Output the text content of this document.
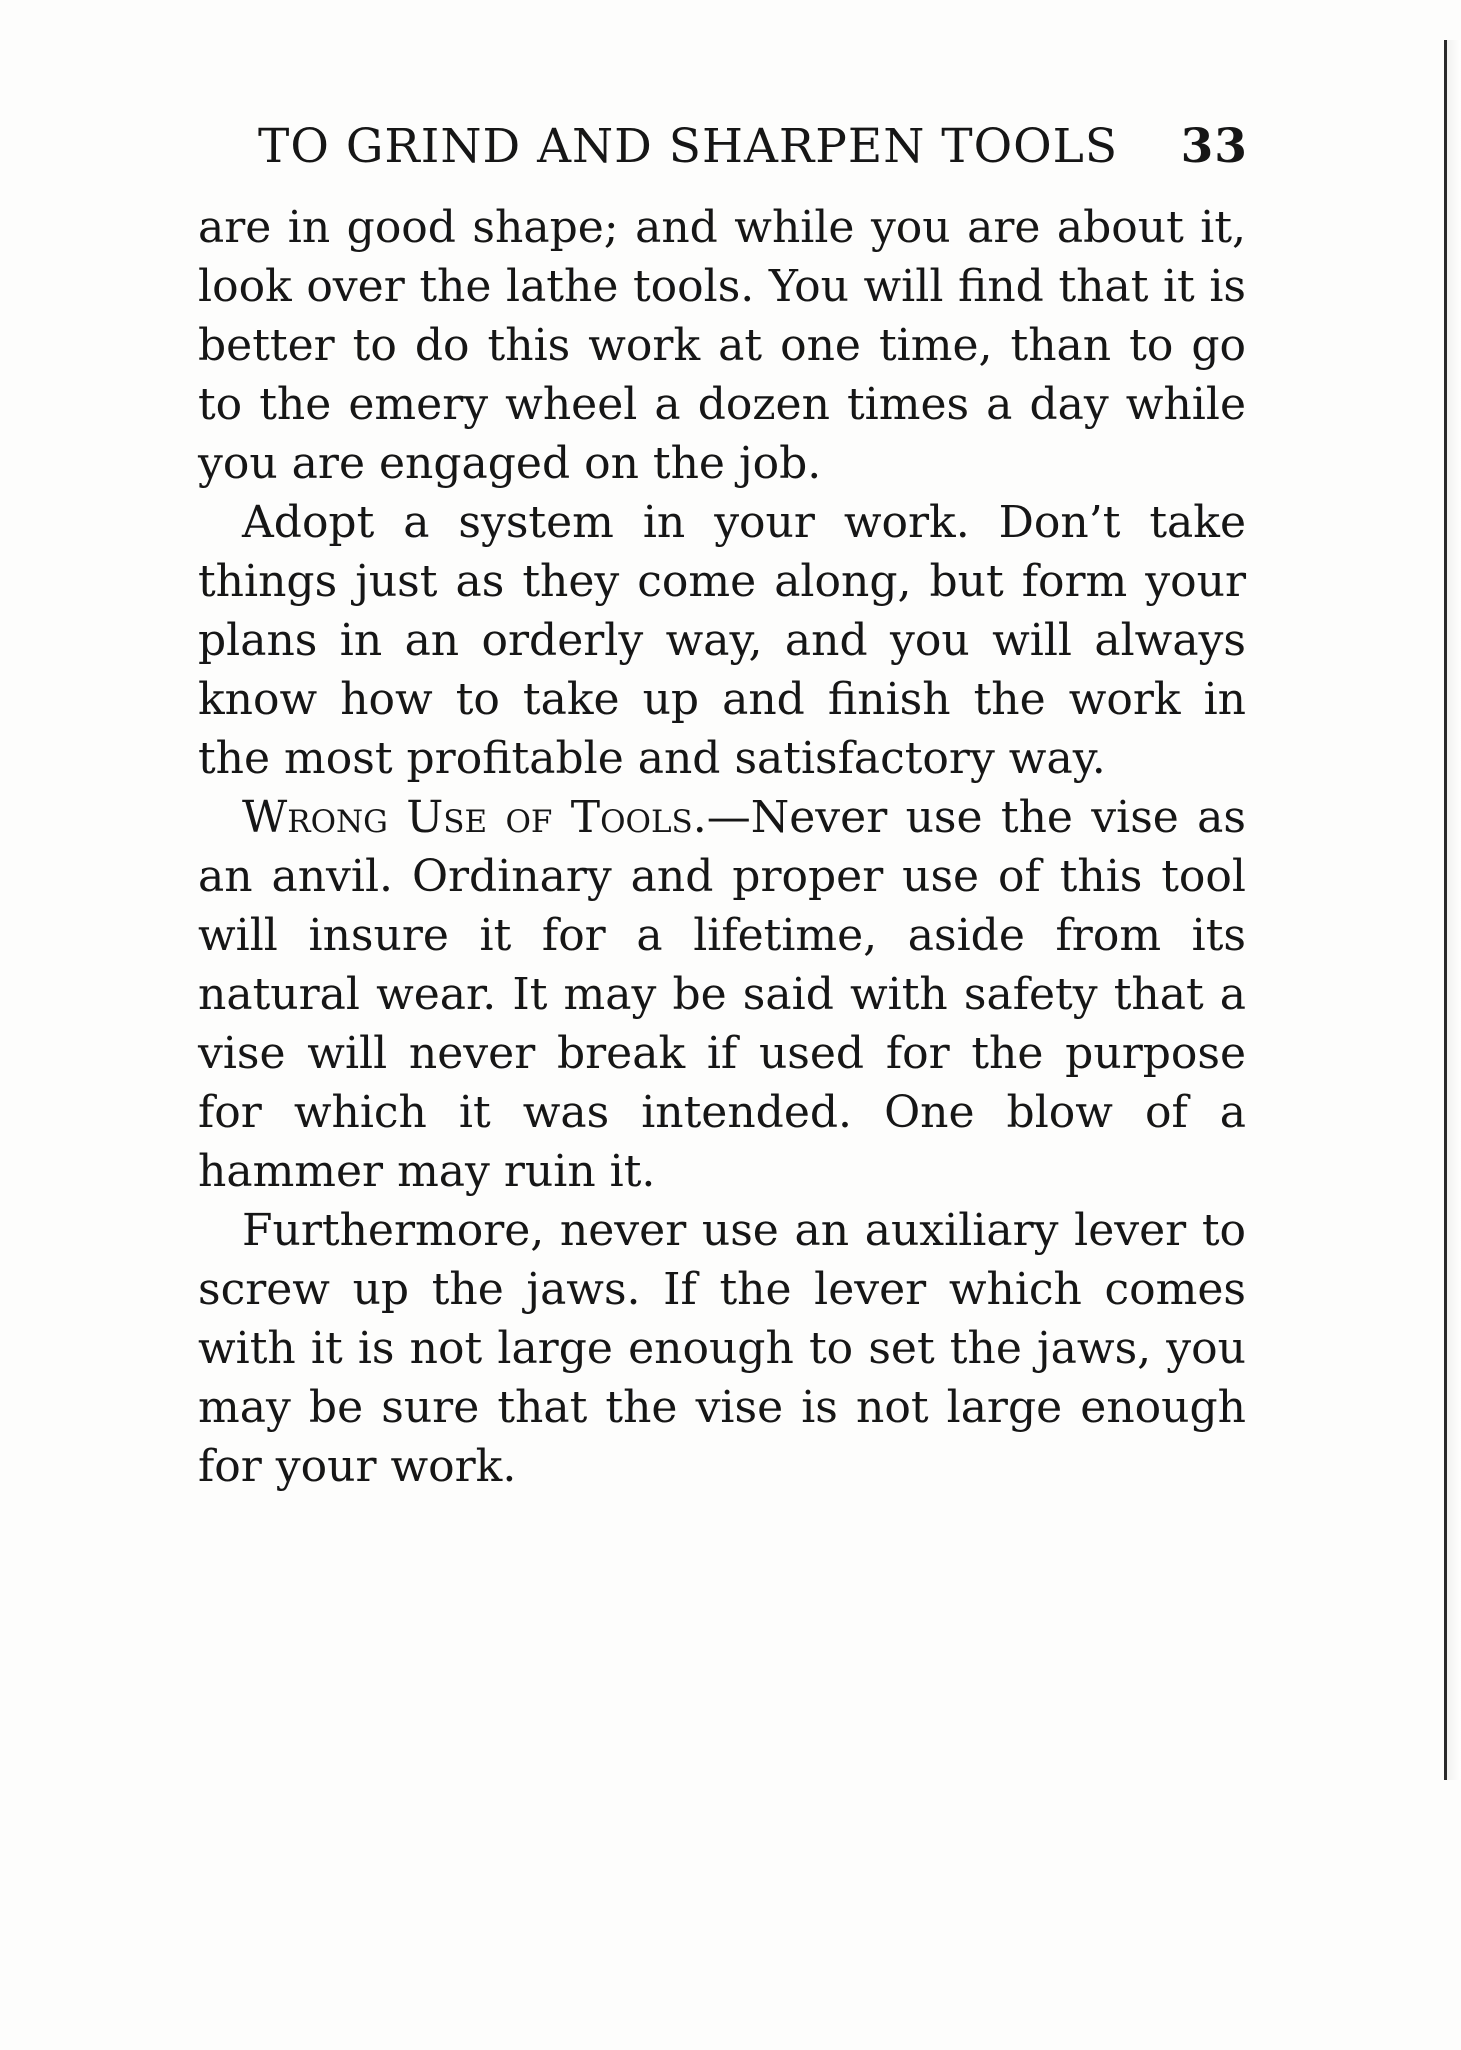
TO GRIND AND SHARPEN TOOLS 33

are in good shape; and while you are about it, look over the lathe tools. You will find that it is better to do this work at one time, than to go to the emery wheel a dozen times a day while you are engaged on the job.

Adopt a system in your work. Don’t take things just as they come along, but form your plans in an orderly way, and you will always know how to take up and finish the work in the most profitable and satisfactory way.

Wrong Use of Tools.—Never use the vise as an anvil. Ordinary and proper use of this tool will insure it for a lifetime, aside from its natural wear. It may be said with safety that a vise will never break if used for the purpose for which it was intended. One blow of a hammer may ruin it.

Furthermore, never use an auxiliary lever to screw up the jaws. If the lever which comes with it is not large enough to set the jaws, you may be sure that the vise is not large enough for your work.
